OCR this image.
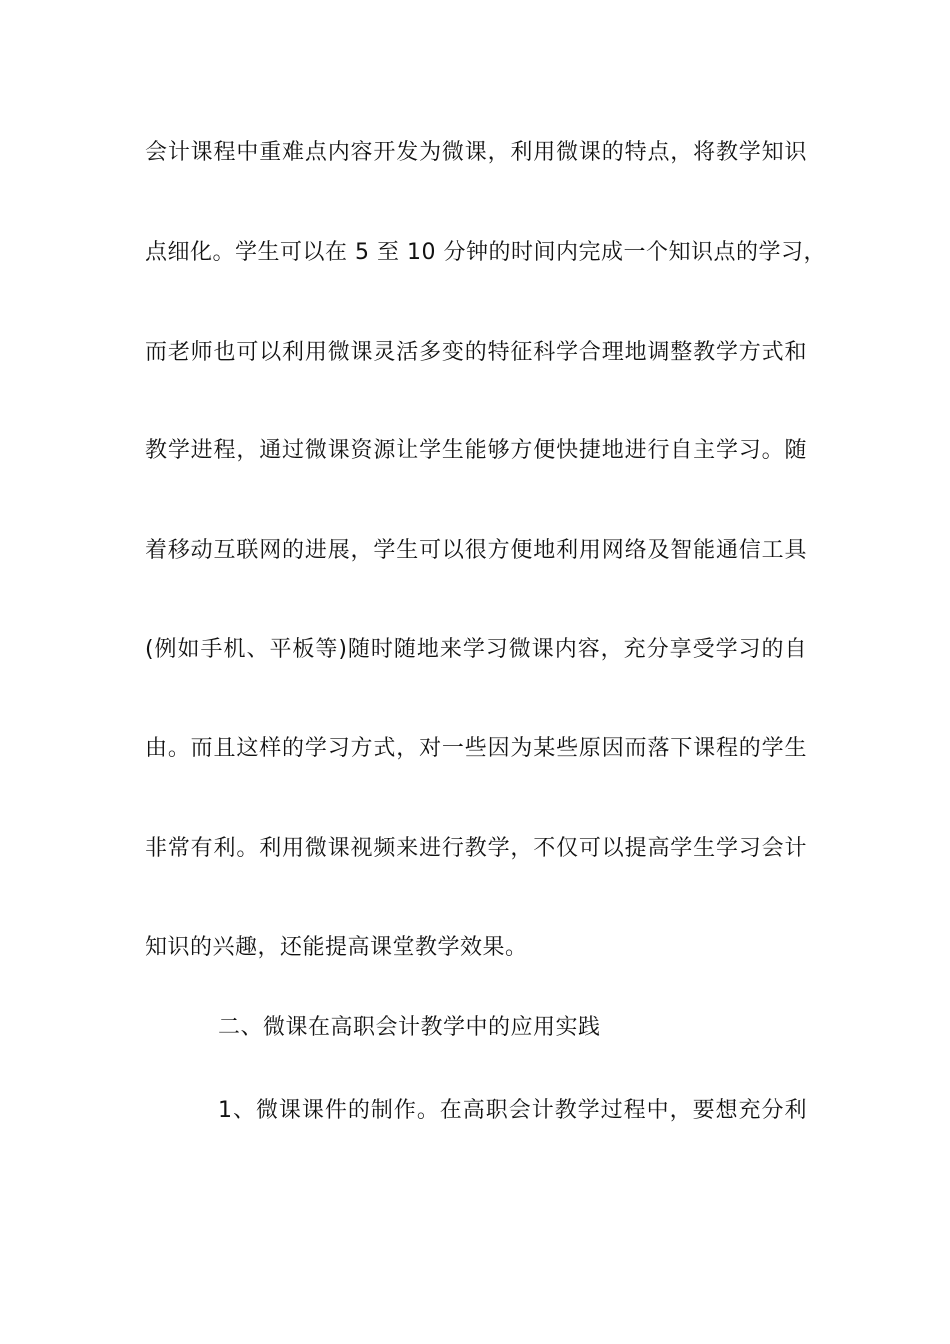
会计课程中重难点内容开发为微课，利用微课的特点，将教学知识
点细化。学生可以在 5 至 10 分钟的时间内完成一个知识点的学习，
而老师也可以利用微课灵活多变的特征科学合理地调整教学方式和
教学进程，通过微课资源让学生能够方便快捷地进行自主学习。随
着移动互联网的进展，学生可以很方便地利用网络及智能通信工具
(例如手机、平板等)随时随地来学习微课内容，充分享受学习的自
由。而且这样的学习方式，对一些因为某些原因而落下课程的学生
非常有利。利用微课视频来进行教学，不仅可以提高学生学习会计
知识的兴趣，还能提高课堂教学效果。
二、微课在高职会计教学中的应用实践
1、微课课件的制作。在高职会计教学过程中，要想充分利
